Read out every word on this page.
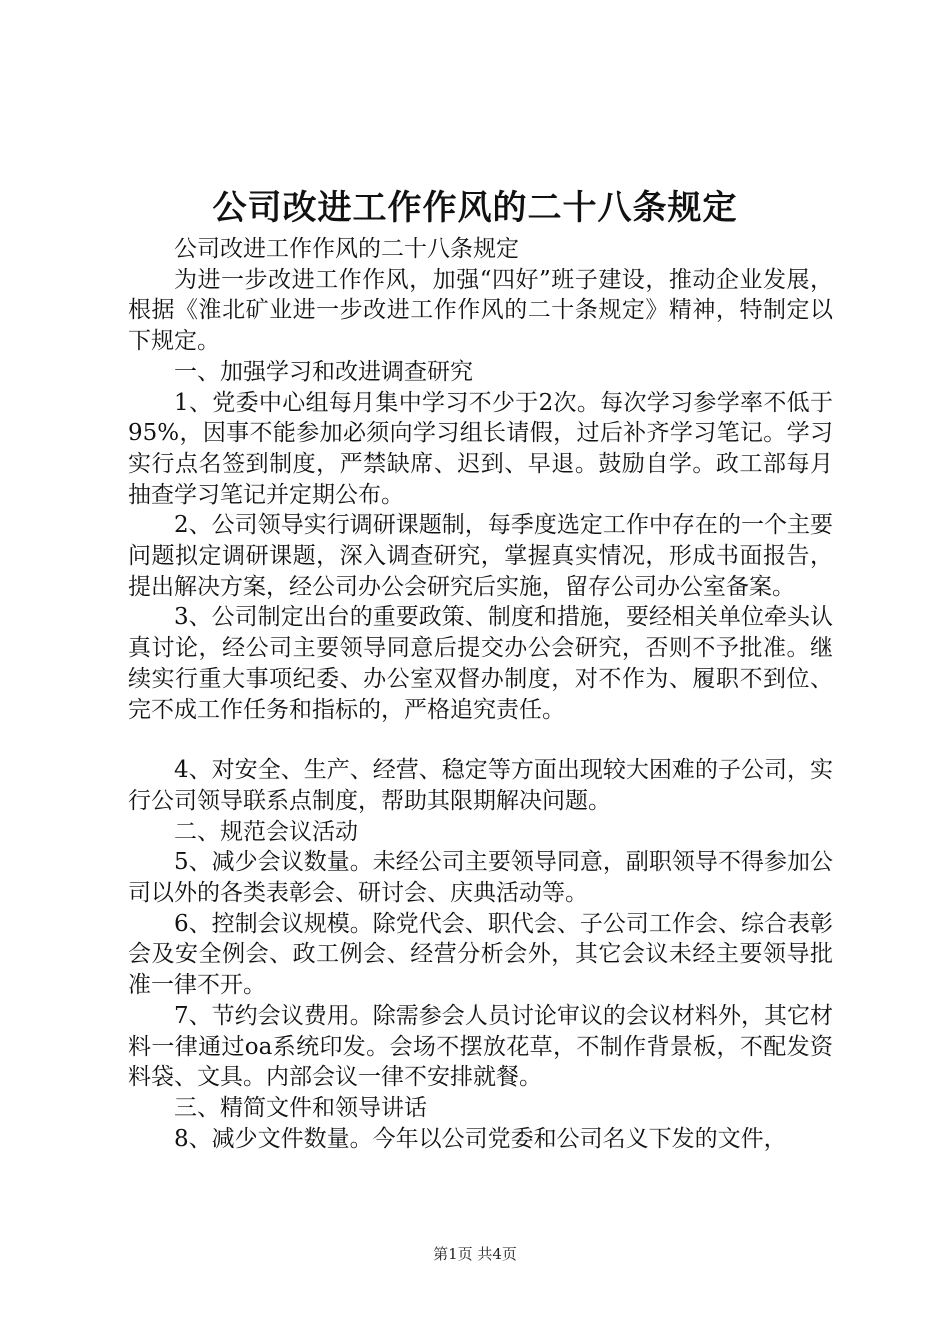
公司改进工作作风的二十八条规定

公司改进工作作风的二十八条规定

为进一步改进工作作风，加强“四好”班子建设，推动企业发展，根据《淮北矿业进一步改进工作作风的二十条规定》精神，特制定以下规定。

一、加强学习和改进调查研究

1、党委中心组每月集中学习不少于2次。每次学习参学率不低于95%，因事不能参加必须向学习组长请假，过后补齐学习笔记。学习实行点名签到制度，严禁缺席、迟到、早退。鼓励自学。政工部每月抽查学习笔记并定期公布。

2、公司领导实行调研课题制，每季度选定工作中存在的一个主要问题拟定调研课题，深入调查研究，掌握真实情况，形成书面报告，提出解决方案，经公司办公会研究后实施，留存公司办公室备案。

3、公司制定出台的重要政策、制度和措施，要经相关单位牵头认真讨论，经公司主要领导同意后提交办公会研究，否则不予批准。继续实行重大事项纪委、办公室双督办制度，对不作为、履职不到位、完不成工作任务和指标的，严格追究责任。

4、对安全、生产、经营、稳定等方面出现较大困难的子公司，实行公司领导联系点制度，帮助其限期解决问题。

二、规范会议活动

5、减少会议数量。未经公司主要领导同意，副职领导不得参加公司以外的各类表彰会、研讨会、庆典活动等。

6、控制会议规模。除党代会、职代会、子公司工作会、综合表彰会及安全例会、政工例会、经营分析会外，其它会议未经主要领导批准一律不开。

7、节约会议费用。除需参会人员讨论审议的会议材料外，其它材料一律通过oa系统印发。会场不摆放花草，不制作背景板，不配发资料袋、文具。内部会议一律不安排就餐。

三、精简文件和领导讲话

8、减少文件数量。今年以公司党委和公司名义下发的文件，

第1页 共4页
